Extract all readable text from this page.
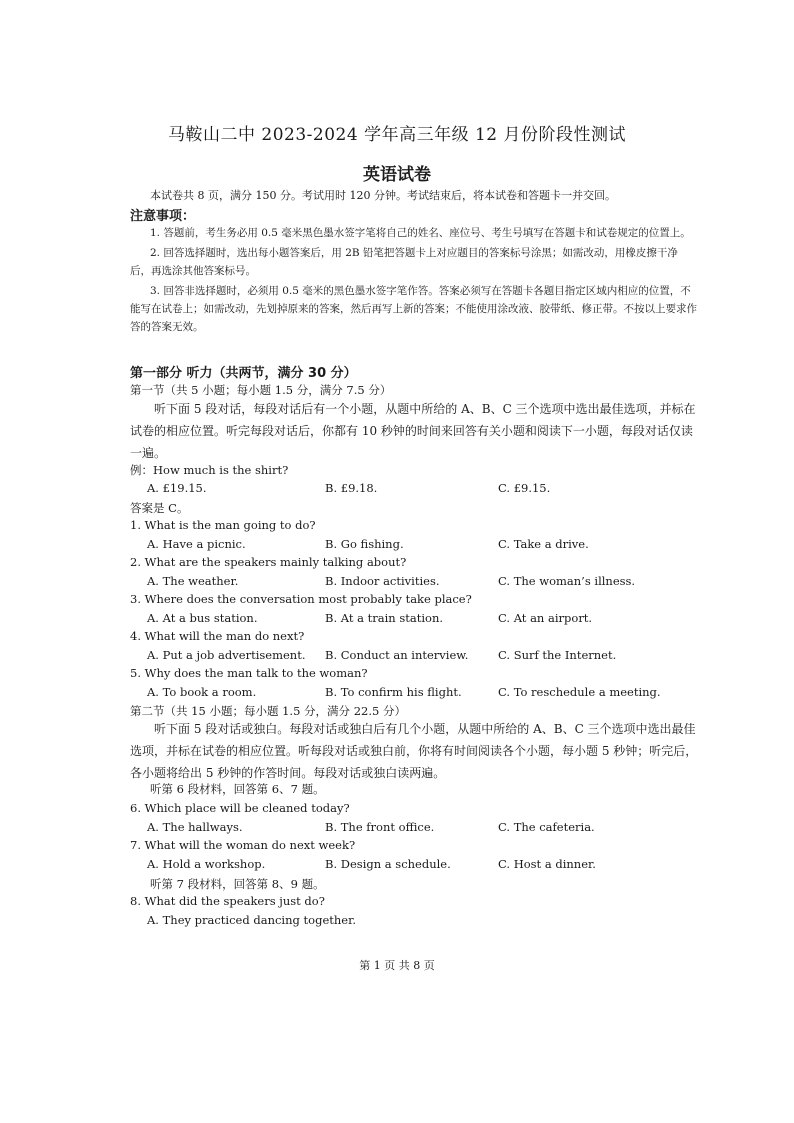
马鞍山二中 2023-2024 学年高三年级 12 月份阶段性测试
英语试卷
本试卷共 8 页，满分 150 分。考试用时 120 分钟。考试结束后，将本试卷和答题卡一并交回。
注意事项：

1. 答题前，考生务必用 0.5 毫米黑色墨水签字笔将自己的姓名、座位号、考生号填写在答题卡和试卷规定的位置上。

2. 回答选择题时，选出每小题答案后，用 2B 铅笔把答题卡上对应题目的答案标号涂黑；如需改动，用橡皮擦干净后，再选涂其他答案标号。

3. 回答非选择题时，必须用 0.5 毫米的黑色墨水签字笔作答。答案必须写在答题卡各题目指定区域内相应的位置，不能写在试卷上；如需改动，先划掉原来的答案，然后再写上新的答案；不能使用涂改液、胶带纸、修正带。不按以上要求作答的答案无效。

第一部分 听力（共两节，满分 30 分）
第一节（共 5 小题；每小题 1.5 分，满分 7.5 分）
听下面 5 段对话，每段对话后有一个小题，从题中所给的 A、B、C 三个选项中选出最佳选项，并标在试卷的相应位置。听完每段对话后，你都有 10 秒钟的时间来回答有关小题和阅读下一小题，每段对话仅读一遍。
例：How much is the shirt?
A. £19.15.	B. £9.18.	C. £9.15.
答案是 C。
1. What is the man going to do?
A. Have a picnic.	B. Go fishing.	C. Take a drive.
2. What are the speakers mainly talking about?
A. The weather.	B. Indoor activities.	C. The woman’s illness.
3. Where does the conversation most probably take place?
A. At a bus station.	B. At a train station.	C. At an airport.
4. What will the man do next?
A. Put a job advertisement. B. Conduct an interview.	C. Surf the Internet.
5. Why does the man talk to the woman?
A. To book a room.	B. To confirm his flight.	C. To reschedule a meeting.
第二节（共 15 小题；每小题 1.5 分，满分 22.5 分）
听下面 5 段对话或独白。每段对话或独白后有几个小题，从题中所给的 A、B、C 三个选项中选出最佳选项，并标在试卷的相应位置。听每段对话或独白前，你将有时间阅读各个小题，每小题 5 秒钟；听完后，各小题将给出 5 秒钟的作答时间。每段对话或独白读两遍。
听第 6 段材料，回答第 6、7 题。
6. Which place will be cleaned today?
A. The hallways.	B. The front office.	C. The cafeteria.
7. What will the woman do next week?
A. Hold a workshop.	B. Design a schedule.	C. Host a dinner.
听第 7 段材料，回答第 8、9 题。
8. What did the speakers just do?
A. They practiced dancing together.
第 1 页 共 8 页
